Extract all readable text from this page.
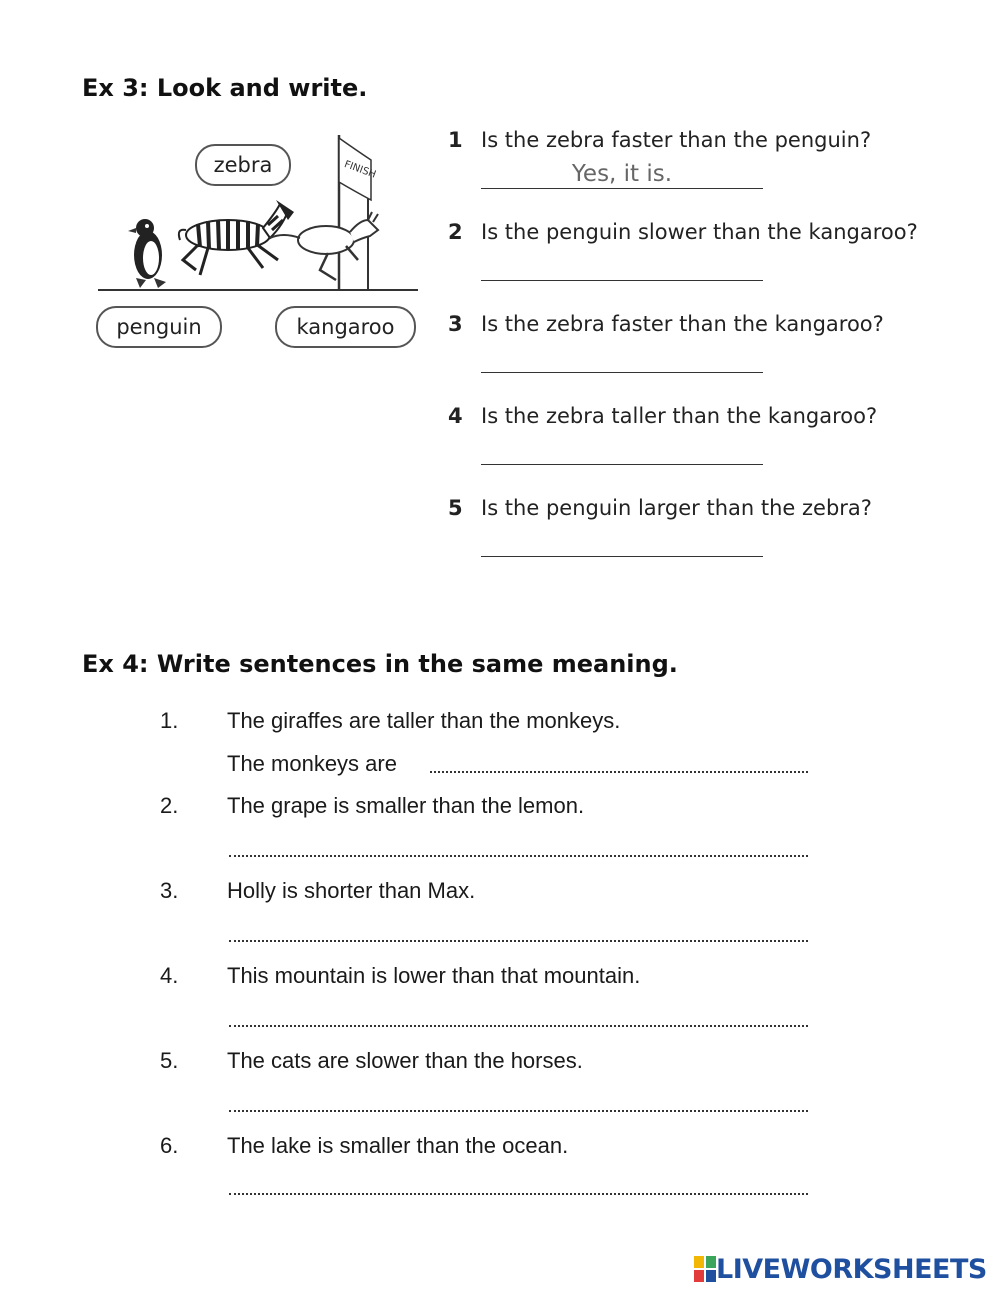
Ex 3: Look and write.
FINISH
zebra
penguin	kangaroo
1 Is the zebra faster than the penguin?
Yes, it is.
2 Is the penguin slower than the kangaroo?
3 Is the zebra faster than the kangaroo?
4 Is the zebra taller than the kangaroo?
5 Is the penguin larger than the zebra?
Ex 4: Write sentences in the same meaning.
1. The giraffes are taller than the monkeys.
The monkeys are
2. The grape is smaller than the lemon.
3. Holly is shorter than Max.
4. This mountain is lower than that mountain.
5. The cats are slower than the horses.
6. The lake is smaller than the ocean.
LIVEWORKSHEETS
